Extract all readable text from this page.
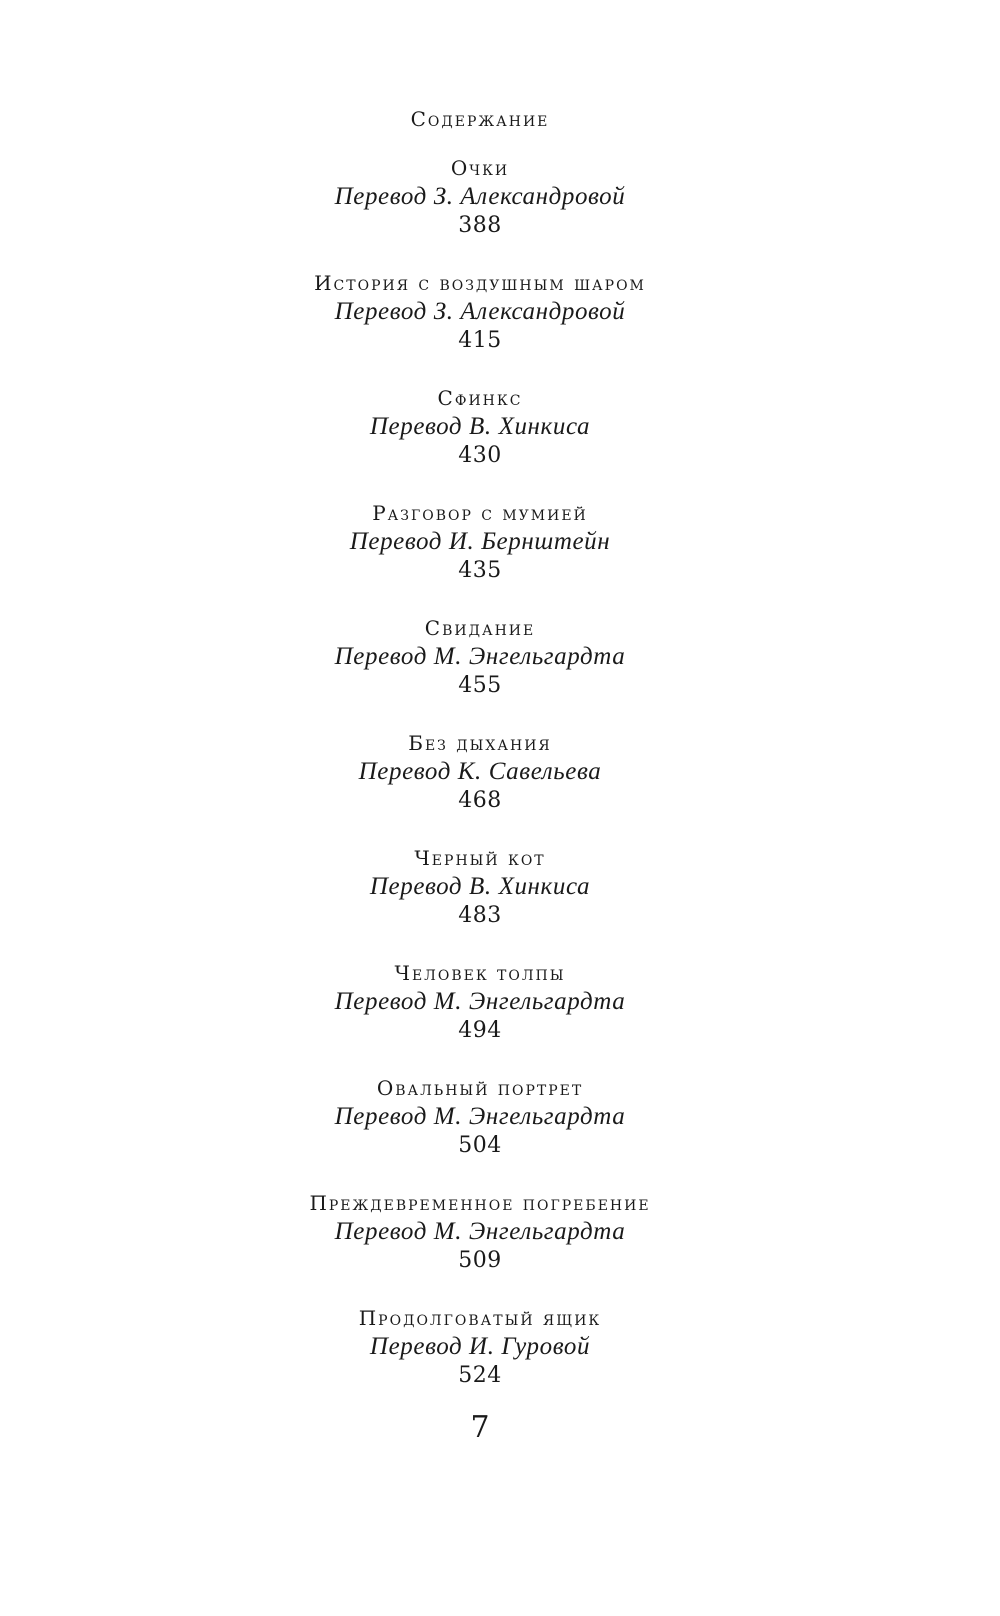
Содержание
Очки
Перевод З. Александровой
388
История с воздушным шаром
Перевод З. Александровой
415
Сфинкс
Перевод В. Хинкиса
430
Разговор с мумией
Перевод И. Бернштейн
435
Свидание
Перевод М. Энгельгардта
455
Без дыхания
Перевод К. Савельева
468
Черный кот
Перевод В. Хинкиса
483
Человек толпы
Перевод М. Энгельгардта
494
Овальный портрет
Перевод М. Энгельгардта
504
Преждевременное погребение
Перевод М. Энгельгардта
509
Продолговатый ящик
Перевод И. Гуровой
524
7
